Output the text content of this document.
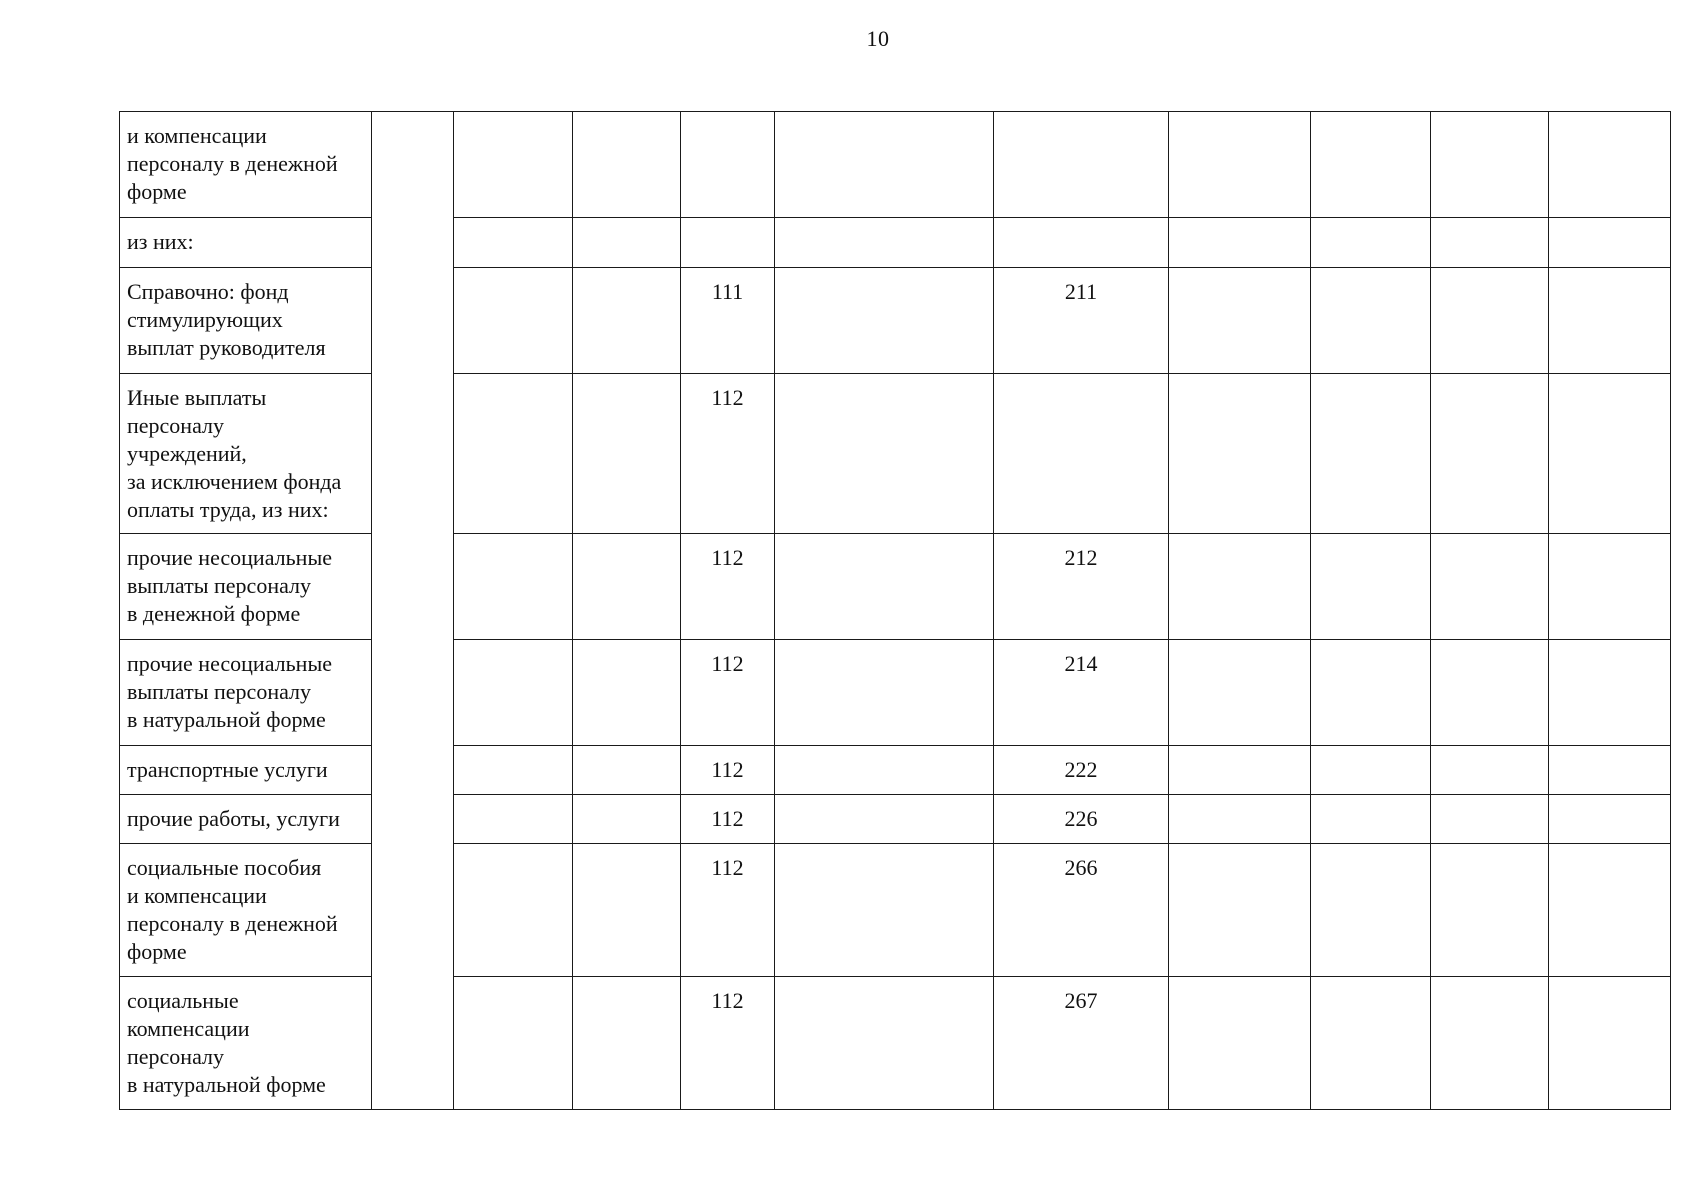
10
и компенсации
персоналу в денежной
форме										

из них:										

Справочно: фонд
стимулирующих
выплат руководителя				111		211				

Иные выплаты
персоналу
учреждений,
за исключением фонда
оплаты труда, из них:				112						

прочие несоциальные
выплаты персоналу
в денежной форме				112		212				

прочие несоциальные
выплаты персоналу
в натуральной форме				112		214				

транспортные услуги				112		222				

прочие работы, услуги				112		226				

социальные пособия
и компенсации
персоналу в денежной
форме				112		266				

социальные
компенсации
персоналу
в натуральной форме				112		267				
